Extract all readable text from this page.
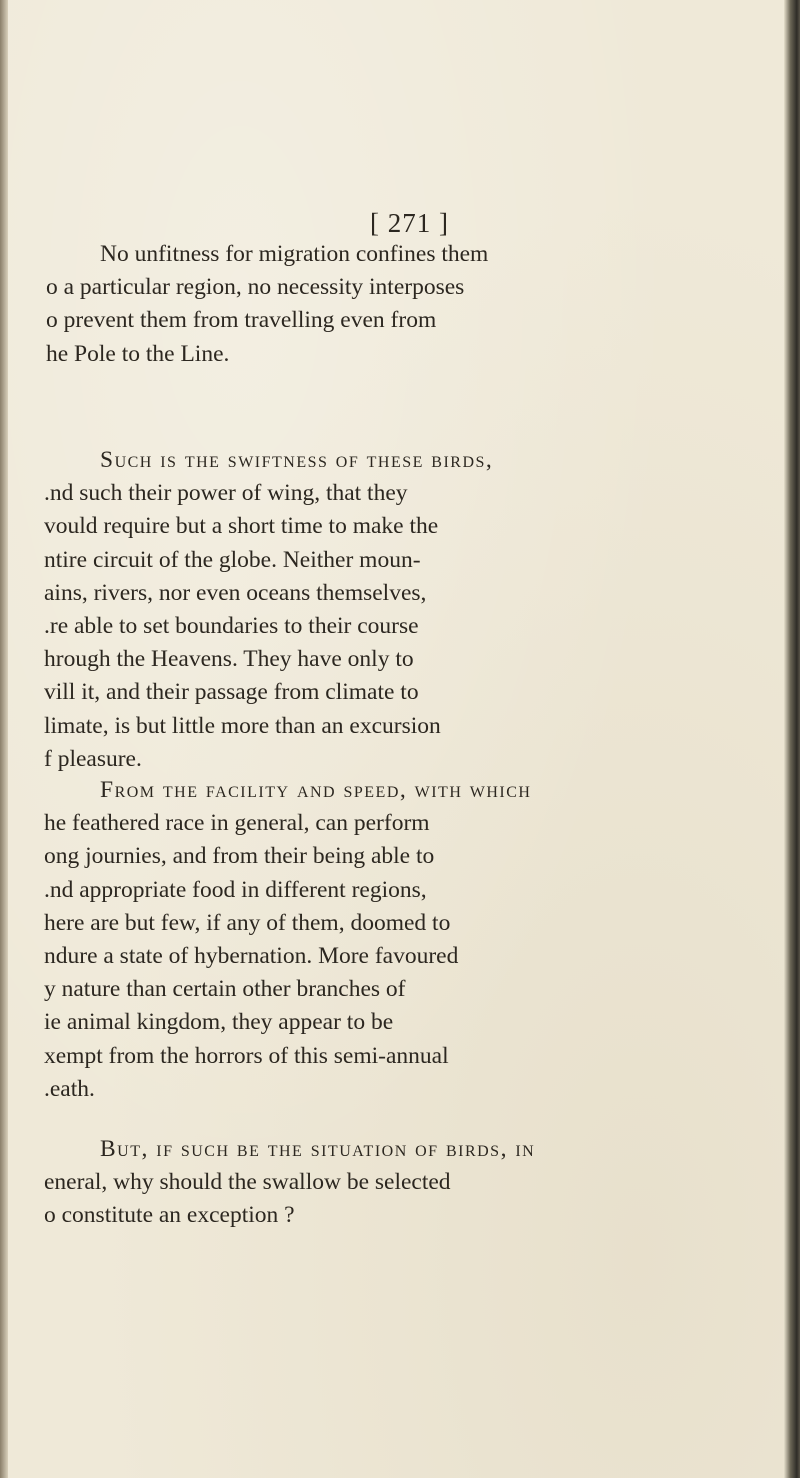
[ 271 ]

No unfitness for migration confines them
o a particular region, no necessity interposes
o prevent them from travelling even from
he Pole to the Line.

Such is the swiftness of these birds,
.nd such their power of wing, that they
vould require but a short time to make the
ntire circuit of the globe. Neither moun-
ains, rivers, nor even oceans themselves,
.re able to set boundaries to their course
hrough the Heavens. They have only to
vill it, and their passage from climate to
limate, is but little more than an excursion
f pleasure.

From the facility and speed, with which
he feathered race in general, can perform
ong journies, and from their being able to
.nd appropriate food in different regions,
here are but few, if any of them, doomed to
ndure a state of hybernation. More favoured
y nature than certain other branches of
ie animal kingdom, they appear to be
xempt from the horrors of this semi-annual
.eath.

But, if such be the situation of birds, in
eneral, why should the swallow be selected
o constitute an exception ?
